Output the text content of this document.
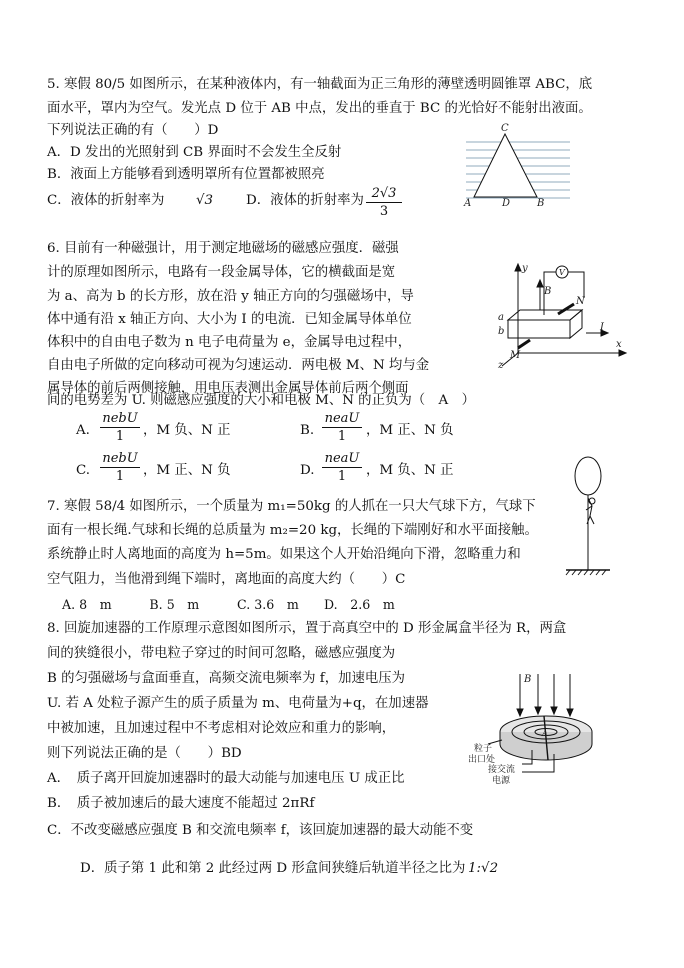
5. 寒假 80/5 如图所示，在某种液体内，有一轴截面为正三角形的薄壁透明圆锥罩 ABC，底
面水平，罩内为空气。发光点 D 位于 AB 中点，发出的垂直于 BC 的光恰好不能射出液面。
下列说法正确的有（　　）D
A．D 发出的光照射到 CB 界面时不会发生全反射
B．液面上方能够看到透明罩所有位置都被照亮
C．液体的折射率为 √3 D．液体的折射率为 $\frac{2√3}{3}$
C
A	D	B
6. 目前有一种磁强计，用于测定地磁场的磁感应强度．磁强
计的原理如图所示，电路有一段金属导体，它的横截面是宽
为 a、高为 b 的长方形，放在沿 y 轴正方向的匀强磁场中，导
体中通有沿 x 轴正方向、大小为 I 的电流．已知金属导体单位
体积中的自由电子数为 n 电子电荷量为 e，金属导电过程中，
自由电子所做的定向移动可视为匀速运动．两电极 M、N 均与金
属导体的前后两侧接触，用电压表测出金属导体前后两个侧面
间的电势差为 U. 则磁感应强度的大小和电极 M、N 的正负为（　A　）
A.
nebU
1	，M 负、N 正	B.
neaU
1	，M 正、N 负
C.
nebU
1	，M 正、N 负	D.
neaU
1	，M 负、N 正
y
x
z
V
B
N
M
a
b	I
7. 寒假 58/4 如图所示，一个质量为 m₁=50kg 的人抓在一只大气球下方，气球下
面有一根长绳.气球和长绳的总质量为 m₂=20 kg，长绳的下端刚好和水平面接触。
系统静止时人离地面的高度为 h=5m。如果这个人开始沿绳向下滑，忽略重力和
空气阻力，当他滑到绳下端时，离地面的高度大约（　　）C
A. 8　m　　　B. 5　m　　　C. 3.6　m　　D.　2.6　m
8. 回旋加速器的工作原理示意图如图所示，置于高真空中的 D 形金属盒半径为 R，两盒
间的狭缝很小，带电粒子穿过的时间可忽略，磁感应强度为
B 的匀强磁场与盒面垂直，高频交流电频率为 f，加速电压为
U. 若 A 处粒子源产生的质子质量为 m、电荷量为+q，在加速器
中被加速，且加速过程中不考虑相对论效应和重力的影响，
则下列说法正确的是（　　）BD
A．　质子离开回旋加速器时的最大动能与加速电压 U 成正比
B．　质子被加速后的最大速度不能超过 2πRf
C．不改变磁感应强度 B 和交流电频率 f，该回旋加速器的最大动能不变
D．质子第 1 此和第 2 此经过两 D 形盒间狭缝后轨道半径之比为 1:√2
B
A
粒子
出口处
接交流
电源
